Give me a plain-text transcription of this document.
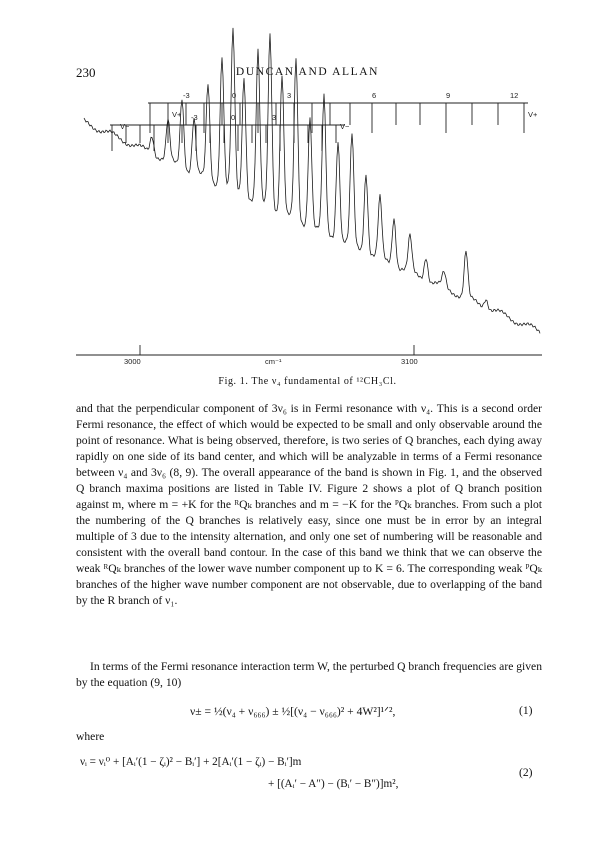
230	DUNCAN AND ALLAN
V−
V+	V+
V−
-3	0	3	6	9	12
-3	0	3
3000	cm⁻¹	3100
Fig. 1. The ν₄ fundamental of ¹²CH₃Cl.

and that the perpendicular component of 3ν₆ is in Fermi resonance with ν₄. This is a second order Fermi resonance, the effect of which would be expected to be small and only observable around the point of resonance. What is being observed, therefore, is two series of Q branches, each dying away rapidly on one side of its band center, and which will be analyzable in terms of a Fermi resonance between ν₄ and 3ν₆ (8, 9). The overall appearance of the band is shown in Fig. 1, and the observed Q branch maxima positions are listed in Table IV. Figure 2 shows a plot of Q branch position against m, where m = +K for the ᴿQₖ branches and m = −K for the ᴾQₖ branches. From such a plot the numbering of the Q branches is relatively easy, since one must be in error by an integral multiple of 3 due to the intensity alternation, and only one set of numbering will be reasonable and consistent with the overall band contour. In the case of this band we think that we can observe the weak ᴿQₖ branches of the lower wave number component up to K = 6. The corresponding weak ᴾQₖ branches of the higher wave number component are not observable, due to overlapping of the band by the R branch of ν₁.

In terms of the Fermi resonance interaction term W, the perturbed Q branch frequencies are given by the equation (9, 10)

ν± = ½(ν₄ + ν₆₆₆) ± ½[(ν₄ − ν₆₆₆)² + 4W²]¹ᐟ²,	(1)
where
νᵢ = νᵢ⁰ + [Aᵢ′(1 − ζᵢ)² − Bᵢ′] + 2[Aᵢ′(1 − ζᵢ) − Bᵢ′]m
+ [(Aᵢ′ − A″) − (Bᵢ′ − B″)]m²,
(2)
